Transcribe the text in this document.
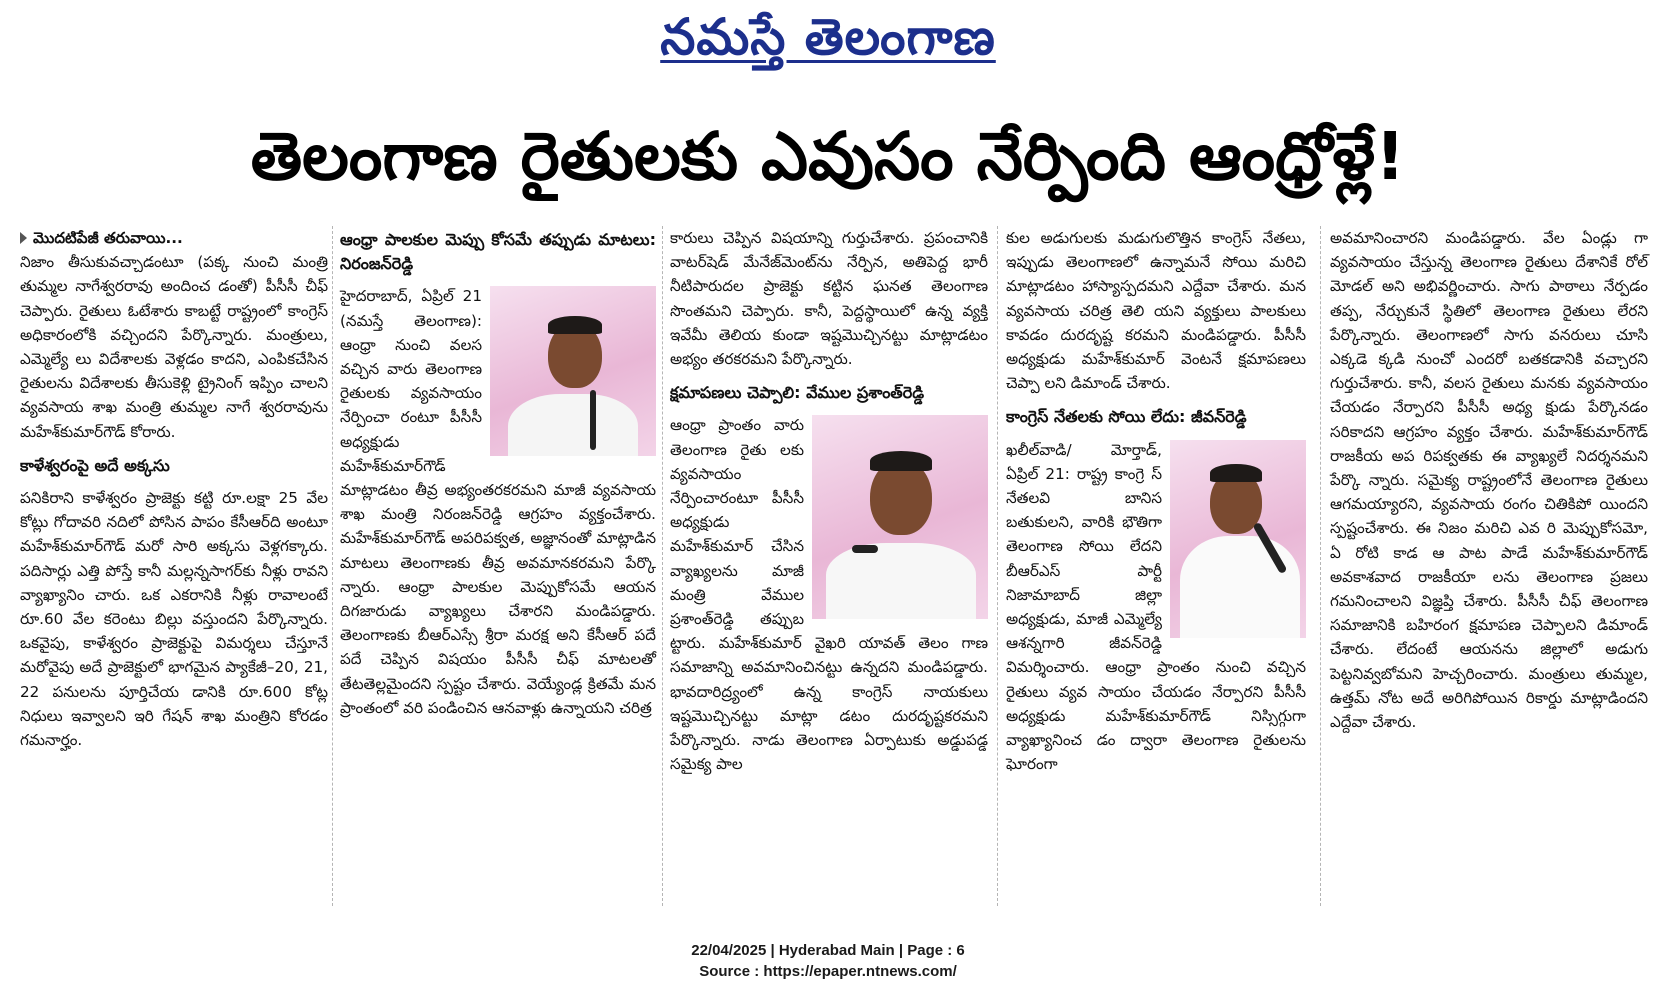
నమస్తే తెలంగాణ
తెలంగాణ రైతులకు ఎవుసం నేర్పింది ఆంధ్రోళ్లే!

మొదటిపేజీ తరువాయి...

నిజాం తీసుకువచ్చాడంటూ (పక్క నుంచి మంత్రి తుమ్మల నాగేశ్వరరావు అందించ డంతో) పీసీసీ చీఫ్ చెప్పారు. రైతులు ఓటేశారు కాబట్టే రాష్ట్రంలో కాంగ్రెస్ అధికారంలోకి వచ్చిందని పేర్కొన్నారు. మంత్రులు, ఎమ్మెల్యే లు విదేశాలకు వెళ్లడం కాదని, ఎంపికచేసిన రైతులను విదేశాలకు తీసుకెళ్లి ట్రైనింగ్ ఇప్పిం చాలని వ్యవసాయ శాఖ మంత్రి తుమ్మల నాగే శ్వరరావును మహేశ్‌కుమార్‌గౌడ్ కోరారు.

కాళేశ్వరంపై అదే అక్కసు

పనికిరాని కాళేశ్వరం ప్రాజెక్టు కట్టి రూ.లక్షా 25 వేల కోట్లు గోదావరి నదిలో పోసిన పాపం కేసీఆర్‌ది అంటూ మహేశ్‌కుమార్‌గౌడ్ మరో సారి అక్కసు వెళ్లగక్కారు. పదిసార్లు ఎత్తి పోస్తే కానీ మల్లన్నసాగర్‌కు నీళ్లు రావని వ్యాఖ్యానిం చారు. ఒక ఎకరానికి నీళ్లు రావాలంటే రూ.60 వేల కరెంటు బిల్లు వస్తుందని పేర్కొన్నారు. ఒకవైపు, కాళేశ్వరం ప్రాజెక్టుపై విమర్శలు చేస్తూనే మరోవైపు అదే ప్రాజెక్టులో భాగమైన ప్యాకేజీ–20, 21, 22 పనులను పూర్తిచేయ డానికి రూ.600 కోట్ల నిధులు ఇవ్వాలని ఇరి గేషన్ శాఖ మంత్రిని కోరడం గమనార్హం.

ఆంధ్రా పాలకుల మెప్పు కోసమే తప్పుడు మాటలు: నిరంజన్‌రెడ్డి

హైదరాబాద్, ఏప్రిల్ 21 (నమస్తే తెలంగాణ): ఆంధ్రా నుంచి వలస వచ్చిన వారు తెలంగాణ రైతులకు వ్యవసాయం నేర్పించా రంటూ పీసీసీ అధ్యక్షుడు మహేశ్‌కుమార్‌గౌడ్ మాట్లాడటం తీవ్ర అభ్యంతరకరమని మాజీ వ్యవసాయ శాఖ మంత్రి నిరంజన్‌రెడ్డి ఆగ్రహం వ్యక్తంచేశారు. మహేశ్‌కుమార్‌గౌడ్ అపరిపక్వత, అజ్ఞానంతో మాట్లాడిన మాటలు తెలంగాణకు తీవ్ర అవమానకరమని పేర్కొ న్నారు. ఆంధ్రా పాలకుల మెప్పుకోసమే ఆయన దిగజారుడు వ్యాఖ్యలు చేశారని మండిపడ్డారు. తెలంగాణకు బీఆర్‌ఎస్సే శ్రీరా మరక్ష అని కేసీఆర్ పదే పదే చెప్పిన విషయం పీసీసీ చీఫ్ మాటలతో తేటతెల్లమైందని స్పష్టం చేశారు. వెయ్యేండ్ల క్రితమే మన ప్రాంతంలో వరి పండించిన ఆనవాళ్లు ఉన్నాయని చరిత్ర

కారులు చెప్పిన విషయాన్ని గుర్తుచేశారు. ప్రపంచానికి వాటర్‌షెడ్ మేనేజ్‌మెంట్‌ను నేర్పిన, అతిపెద్ద భారీ నీటిపారుదల ప్రాజెక్టు కట్టిన ఘనత తెలంగాణ సొంతమని చెప్పారు. కానీ, పెద్దస్థాయిలో ఉన్న వ్యక్తి ఇవేమీ తెలియ కుండా ఇష్టమొచ్చినట్టు మాట్లాడటం అభ్యం తరకరమని పేర్కొన్నారు.

క్షమాపణలు చెప్పాలి: వేముల ప్రశాంత్‌రెడ్డి

ఆంధ్రా ప్రాంతం వారు తెలంగాణ రైతు లకు వ్యవసాయం నేర్పించారంటూ పీసీసీ అధ్యక్షుడు మహేశ్‌కుమార్ చేసిన వ్యాఖ్యలను మాజీ మంత్రి వేముల ప్రశాంత్‌రెడ్డి తప్పుబ ట్టారు. మహేశ్‌కుమార్ వైఖరి యావత్ తెలం గాణ సమాజాన్ని అవమానించినట్టు ఉన్నదని మండిపడ్డారు. భావదారిద్ర్యంలో ఉన్న కాంగ్రెస్ నాయకులు ఇష్టమొచ్చినట్టు మాట్లా డటం దురదృష్టకరమని పేర్కొన్నారు. నాడు తెలంగాణ ఏర్పాటుకు అడ్డుపడ్డ సమైక్య పాల

కుల అడుగులకు మడుగులొత్తిన కాంగ్రెస్ నేతలు, ఇప్పుడు తెలంగాణలో ఉన్నామనే సోయి మరిచి మాట్లాడటం హాస్యాస్పదమని ఎద్దేవా చేశారు. మన వ్యవసాయ చరిత్ర తెలి యని వ్యక్తులు పాలకులు కావడం దురదృష్ట కరమని మండిపడ్డారు. పీసీసీ అధ్యక్షుడు మహేశ్‌కుమార్ వెంటనే క్షమాపణలు చెప్పా లని డిమాండ్ చేశారు.

కాంగ్రెస్ నేతలకు సోయి లేదు: జీవన్‌రెడ్డి

ఖలీల్‌వాడి/ మోర్తాడ్, ఏప్రిల్ 21: రాష్ట్ర కాంగ్రె స్ నేతలవి బానిస బతుకులని, వారికి భౌతిగా తెలంగాణ సోయి లేదని బీఆర్‌ఎస్ పార్టీ నిజామాబాద్ జిల్లా అధ్యక్షుడు, మాజీ ఎమ్మెల్యే ఆశన్నగారి జీవన్‌రెడ్డి విమర్శించారు. ఆంధ్రా ప్రాంతం నుంచి వచ్చిన రైతులు వ్యవ సాయం చేయడం నేర్పారని పీసీసీ అధ్యక్షుడు మహేశ్‌కుమార్‌గౌడ్ నిస్సిగ్గుగా వ్యాఖ్యానించ డం ద్వారా తెలంగాణ రైతులను ఘోరంగా

అవమానించారని మండిపడ్డారు. వేల ఏండ్లు గా వ్యవసాయం చేస్తున్న తెలంగాణ రైతులు దేశానికే రోల్ మోడల్ అని అభివర్ణించారు. సాగు పాఠాలు నేర్పడం తప్ప, నేర్చుకునే స్థితిలో తెలంగాణ రైతులు లేరని పేర్కొన్నారు. తెలంగాణలో సాగు వనరులు చూసి ఎక్కడె క్కడి నుంచో ఎందరో బతకడానికి వచ్చారని గుర్తుచేశారు. కానీ, వలస రైతులు మనకు వ్యవసాయం చేయడం నేర్పారని పీసీసీ అధ్య క్షుడు పేర్కొనడం సరికాదని ఆగ్రహం వ్యక్తం చేశారు. మహేశ్‌కుమార్‌గౌడ్ రాజకీయ అప రిపక్వతకు ఈ వ్యాఖ్యలే నిదర్శనమని పేర్కొ న్నారు. సమైక్య రాష్ట్రంలోనే తెలంగాణ రైతులు ఆగమయ్యారని, వ్యవసాయ రంగం చితికిపో యిందని స్పష్టంచేశారు. ఈ నిజం మరిచి ఎవ రి మెప్పుకోసమో, ఏ రోటి కాడ ఆ పాట పాడే మహేశ్‌కుమార్‌గౌడ్ అవకాశవాద రాజకీయా లను తెలంగాణ ప్రజలు గమనించాలని విజ్ఞప్తి చేశారు. పీసీసీ చీఫ్ తెలంగాణ సమాజానికి బహిరంగ క్షమాపణ చెప్పాలని డిమాండ్ చేశారు. లేదంటే ఆయనను జిల్లాలో అడుగు పెట్టనివ్వబోమని హెచ్చరించారు. మంత్రులు తుమ్మల, ఉత్తమ్ నోట అదే అరిగిపోయిన రికార్డు మాట్లాడిందని ఎద్దేవా చేశారు.

22/04/2025 | Hyderabad Main | Page : 6
Source : https://epaper.ntnews.com/
